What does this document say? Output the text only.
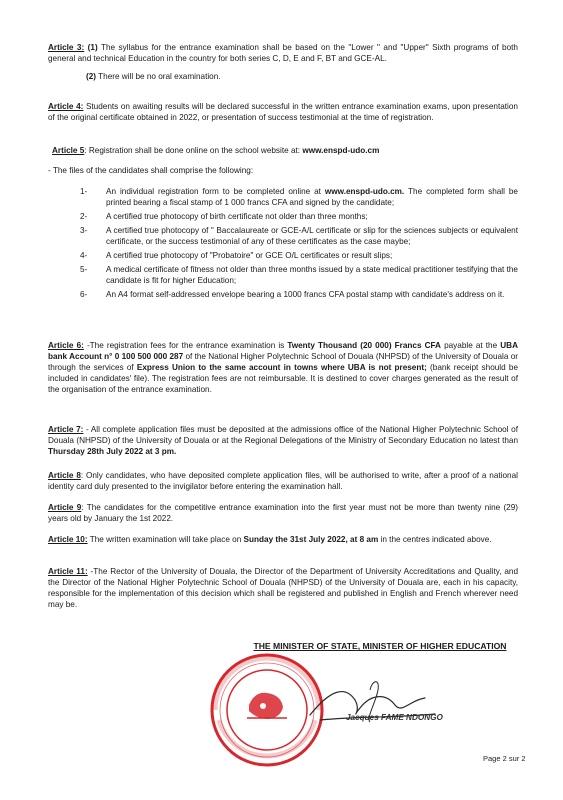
Article 3: (1) The syllabus for the entrance examination shall be based on the "Lower " and "Upper" Sixth programs of both general and technical Education in the country for both series C, D, E and F, BT and GCE-AL.
(2) There will be no oral examination.
Article 4: Students on awaiting results will be declared successful in the written entrance examination exams, upon presentation of the original certificate obtained in 2022, or presentation of success testimonial at the time of registration.
Article 5: Registration shall be done online on the school website at: www.enspd-udo.cm
- The files of the candidates shall comprise the following:
1- An individual registration form to be completed online at www.enspd-udo.cm. The completed form shall be printed bearing a fiscal stamp of 1 000 francs CFA and signed by the candidate;
2- A certified true photocopy of birth certificate not older than three months;
3- A certified true photocopy of " Baccalaureate or GCE-A/L certificate or slip for the sciences subjects or equivalent certificate, or the success testimonial of any of these certificates as the case maybe;
4- A certified true photocopy of "Probatoire" or GCE O/L certificates or result slips;
5- A medical certificate of fitness not older than three months issued by a state medical practitioner testifying that the candidate is fit for higher Education;
6- An A4 format self-addressed envelope bearing a 1000 francs CFA postal stamp with candidate's address on it.
Article 6: -The registration fees for the entrance examination is Twenty Thousand (20 000) Francs CFA payable at the UBA bank Account n° 0 100 500 000 287 of the National Higher Polytechnic School of Douala (NHPSD) of the University of Douala or through the services of Express Union to the same account in towns where UBA is not present; (bank receipt should be included in candidates' file). The registration fees are not reimbursable. It is destined to cover charges generated as the result of the organisation of the entrance examination.
Article 7: - All complete application files must be deposited at the admissions office of the National Higher Polytechnic School of Douala (NHPSD) of the University of Douala or at the Regional Delegations of the Ministry of Secondary Education no latest than Thursday 28th July 2022 at 3 pm.
Article 8: Only candidates, who have deposited complete application files, will be authorised to write, after a proof of a national identity card duly presented to the invigilator before entering the examination hall.
Article 9: The candidates for the competitive entrance examination into the first year must not be more than twenty nine (29) years old by January the 1st 2022.
Article 10: The written examination will take place on Sunday the 31st July 2022, at 8 am in the centres indicated above.
Article 11: -The Rector of the University of Douala, the Director of the Department of University Accreditations and Quality, and the Director of the National Higher Polytechnic School of Douala (NHPSD) of the University of Douala are, each in his capacity, responsible for the implementation of this decision which shall be registered and published in English and French wherever need may be.
THE MINISTER OF STATE, MINISTER OF HIGHER EDUCATION
Jacques FAME NDONGO
Page 2 sur 2
